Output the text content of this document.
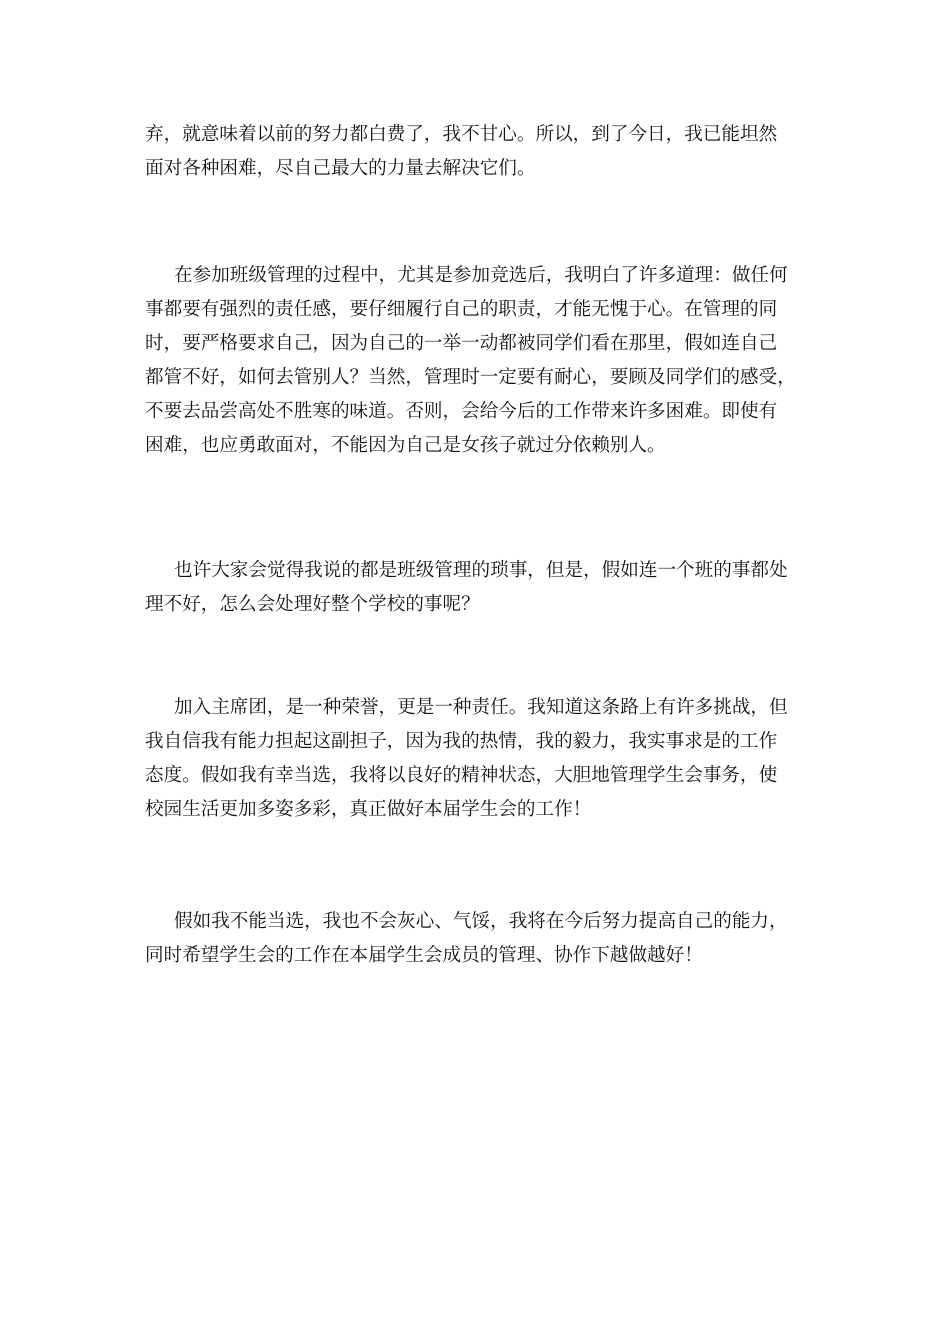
弃，就意味着以前的努力都白费了，我不甘心。所以，到了今日，我已能坦然
面对各种困难，尽自己最大的力量去解决它们。

在参加班级管理的过程中，尤其是参加竞选后，我明白了许多道理：做任何
事都要有强烈的责任感，要仔细履行自己的职责，才能无愧于心。在管理的同
时，要严格要求自己，因为自己的一举一动都被同学们看在那里，假如连自己
都管不好，如何去管别人？当然，管理时一定要有耐心，要顾及同学们的感受，
不要去品尝高处不胜寒的味道。否则，会给今后的工作带来许多困难。即使有
困难，也应勇敢面对，不能因为自己是女孩子就过分依赖别人。

也许大家会觉得我说的都是班级管理的琐事，但是，假如连一个班的事都处
理不好，怎么会处理好整个学校的事呢？

加入主席团，是一种荣誉，更是一种责任。我知道这条路上有许多挑战，但
我自信我有能力担起这副担子，因为我的热情，我的毅力，我实事求是的工作
态度。假如我有幸当选，我将以良好的精神状态，大胆地管理学生会事务，使
校园生活更加多姿多彩，真正做好本届学生会的工作！

假如我不能当选，我也不会灰心、气馁，我将在今后努力提高自己的能力，
同时希望学生会的工作在本届学生会成员的管理、协作下越做越好！
